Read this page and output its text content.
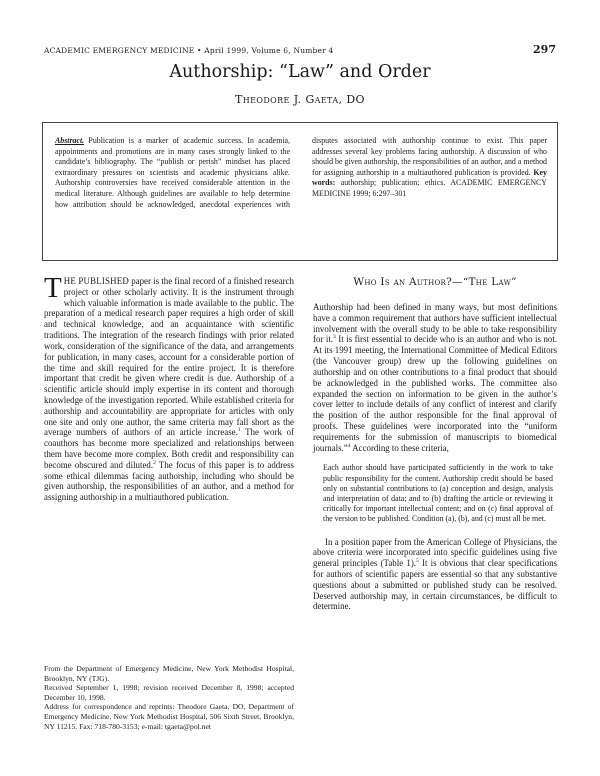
ACADEMIC EMERGENCY MEDICINE • April 1999, Volume 6, Number 4	297
Authorship: “Law” and Order
Theodore J. Gaeta, DO
Abstract. Publication is a marker of academic success. In academia, appointments and promotions are in many cases strongly linked to the candidate’s bibliography. The “publish or perish” mindset has placed extraordinary pressures on scientists and academic physicians alike. Authorship controversies have received considerable attention in the medical literature. Although guidelines are available to help determine how attribution should be acknowledged, anecdotal experiences with disputes associated with authorship continue to exist. This paper addresses several key problems facing authorship. A discussion of who should be given authorship, the responsibilities of an author, and a method for assigning authorship in a multiauthored publication is provided. Key words: authorship; publication; ethics. ACADEMIC EMERGENCY MEDICINE 1999; 6:297–301
THE PUBLISHED paper is the final record of a finished research project or other scholarly activity. It is the instrument through which valuable information is made available to the public. The preparation of a medical research paper requires a high order of skill and technical knowledge, and an acquaintance with scientific traditions. The integration of the research findings with prior related work, consideration of the significance of the data, and arrangements for publication, in many cases, account for a considerable portion of the time and skill required for the entire project. It is therefore important that credit be given where credit is due. Authorship of a scientific article should imply expertise in its content and thorough knowledge of the investigation reported. While established criteria for authorship and accountability are appropriate for articles with only one site and only one author, the same criteria may fall short as the average numbers of authors of an article increase.$^1$ The work of coauthors has become more specialized and relationships between them have become more complex. Both credit and responsibility can become obscured and diluted.$^2$ The focus of this paper is to address some ethical dilemmas facing authorship, including who should be given authorship, the responsibilities of an author, and a method for assigning authorship in a multiauthored publication.
From the Department of Emergency Medicine, New York Methodist Hospital, Brooklyn, NY (TJG).
Received September 1, 1998; revision received December 8, 1998; accepted December 10, 1998.
Address for correspondence and reprints: Theodore Gaeta, DO, Department of Emergency Medicine, New York Methodist Hospital, 506 Sixth Street, Brooklyn, NY 11215. Fax: 718-780-3153; e-mail: tgaeta@pol.net
Who Is an Author?—“The Law”
Authorship had been defined in many ways, but most definitions have a common requirement that authors have sufficient intellectual involvement with the overall study to be able to take responsibility for it.$^3$ It is first essential to decide who is an author and who is not. At its 1991 meeting, the International Committee of Medical Editors (the Vancouver group) drew up the following guidelines on authorship and on other contributions to a final product that should be acknowledged in the published works. The committee also expanded the section on information to be given in the author’s cover letter to include details of any conflict of interest and clarify the position of the author responsible for the final approval of proofs. These guidelines were incorporated into the “uniform requirements for the submission of manuscripts to biomedical journals.”$^4$ According to these criteria,
Each author should have participated sufficiently in the work to take public responsibility for the content. Authorship credit should be based only on substantial contributions to (a) conception and design, analysis and interpretation of data; and to (b) drafting the article or reviewing it critically for important intellectual content; and on (c) final approval of the version to be published. Condition (a), (b), and (c) must all be met.
In a position paper from the American College of Physicians, the above criteria were incorporated into specific guidelines using five general principles (Table 1).$^5$ It is obvious that clear specifications for authors of scientific papers are essential so that any substantive questions about a submitted or published study can be resolved. Deserved authorship may, in certain circumstances, be difficult to determine.
